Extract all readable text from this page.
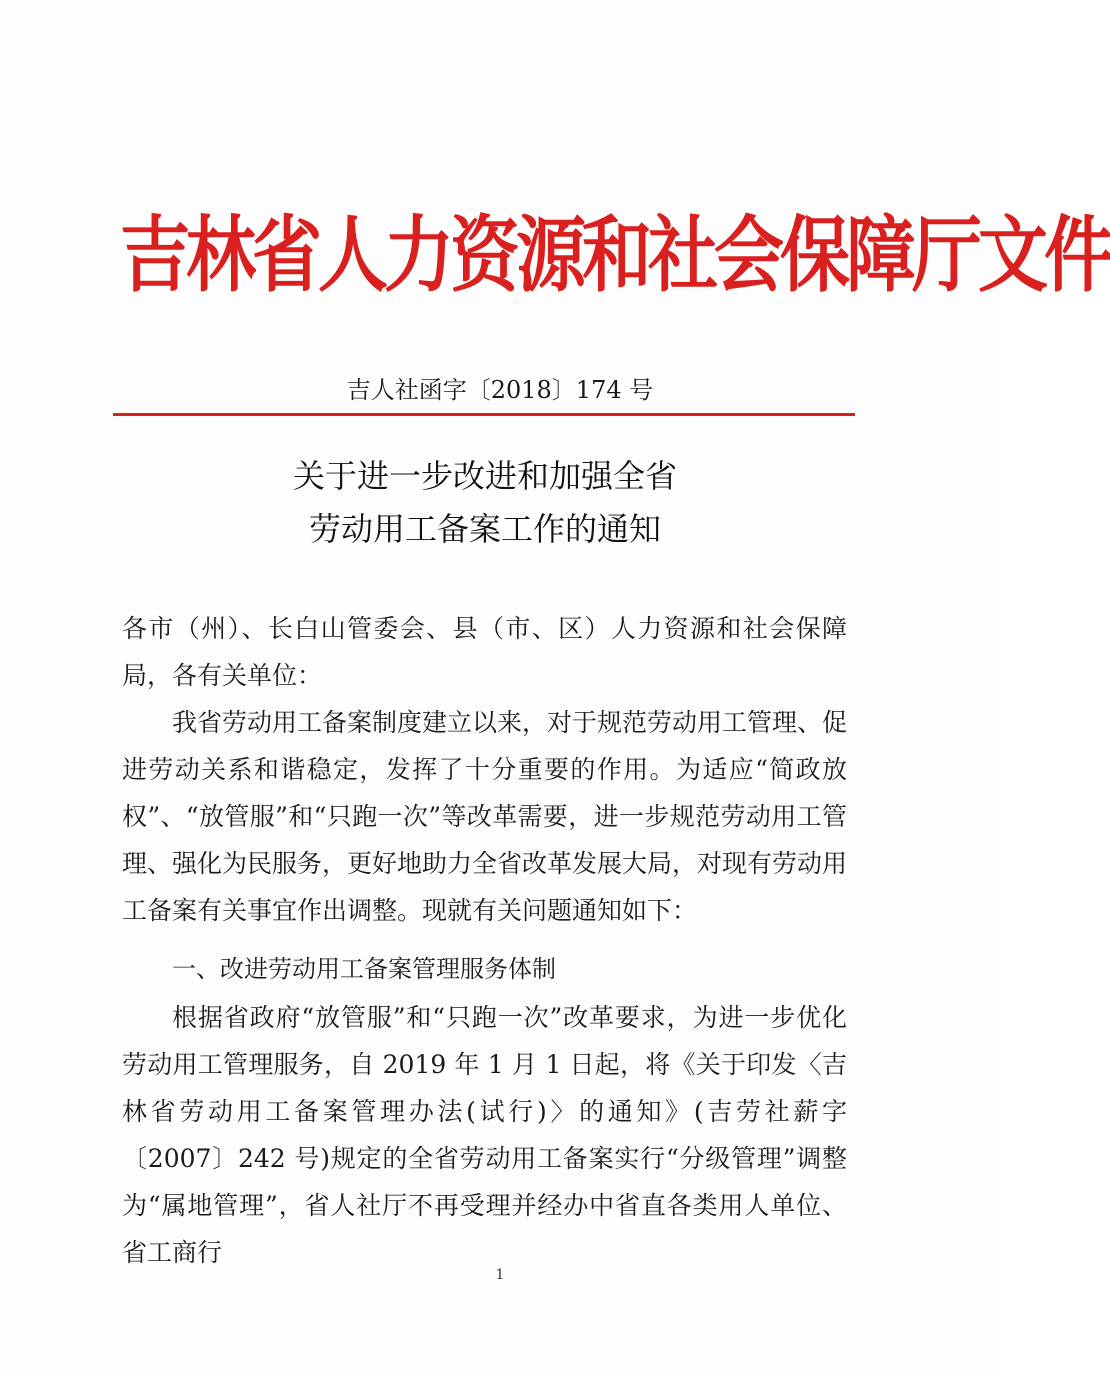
吉林省人力资源和社会保障厅文件
吉人社函字〔2018〕174 号
关于进一步改进和加强全省
劳动用工备案工作的通知
各市（州）、长白山管委会、县（市、区）人力资源和社会保障局，各有关单位：
我省劳动用工备案制度建立以来，对于规范劳动用工管理、促进劳动关系和谐稳定，发挥了十分重要的作用。为适应“简政放权”、“放管服”和“只跑一次”等改革需要，进一步规范劳动用工管理、强化为民服务，更好地助力全省改革发展大局，对现有劳动用工备案有关事宜作出调整。现就有关问题通知如下：
一、改进劳动用工备案管理服务体制
根据省政府“放管服”和“只跑一次”改革要求，为进一步优化劳动用工管理服务，自 2019 年 1 月 1 日起，将《关于印发〈吉林省劳动用工备案管理办法(试行)〉的通知》(吉劳社薪字〔2007〕242 号)规定的全省劳动用工备案实行“分级管理”调整为“属地管理”，省人社厅不再受理并经办中省直各类用人单位、省工商行
1
